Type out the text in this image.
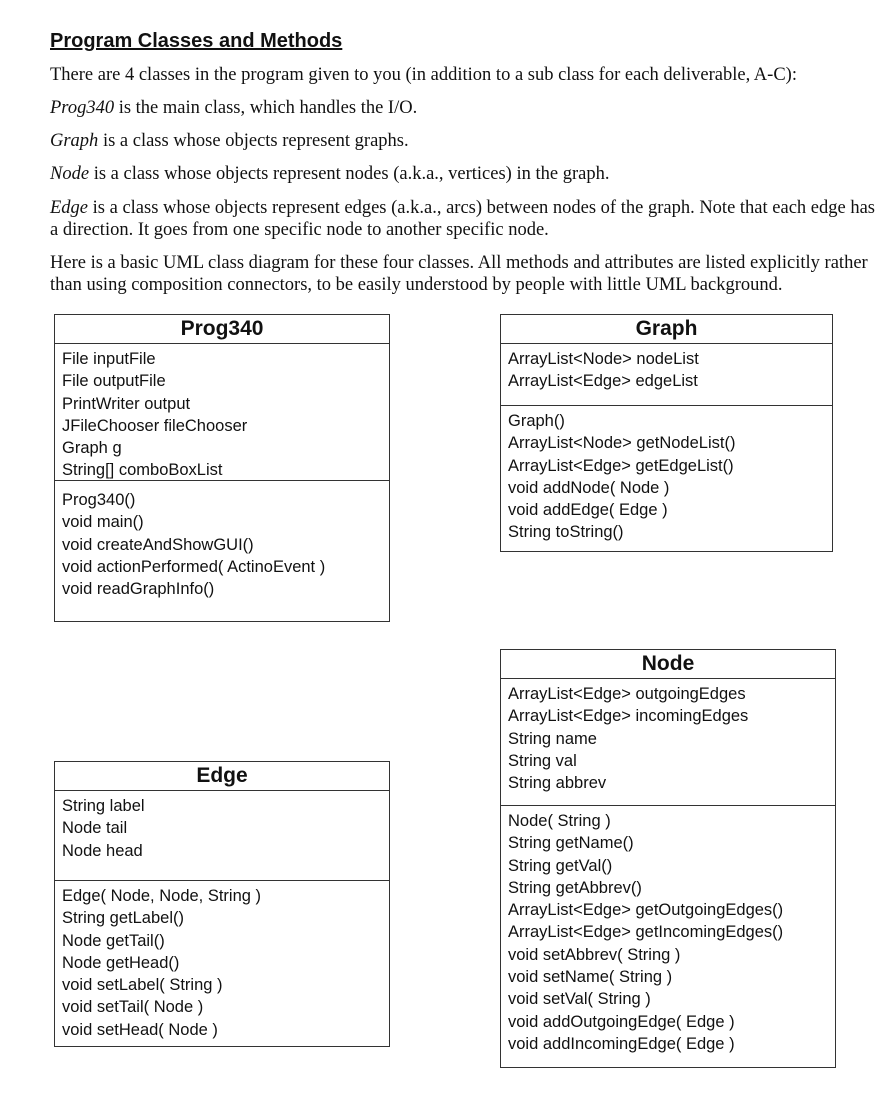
Program Classes and Methods
There are 4 classes in the program given to you (in addition to a sub class for each deliverable, A-C):
Prog340 is the main class, which handles the I/O.
Graph is a class whose objects represent graphs.
Node is a class whose objects represent nodes (a.k.a., vertices) in the graph.
Edge is a class whose objects represent edges (a.k.a., arcs) between nodes of the graph. Note that each edge has a direction. It goes from one specific node to another specific node.
Here is a basic UML class diagram for these four classes. All methods and attributes are listed explicitly rather than using composition connectors, to be easily understood by people with little UML background.
Prog340
File inputFile
File outputFile
PrintWriter output
JFileChooser fileChooser
Graph g
String[] comboBoxList
Prog340()
void main()
void createAndShowGUI()
void actionPerformed( ActinoEvent )
void readGraphInfo()
Graph
ArrayList<Node> nodeList
ArrayList<Edge> edgeList
Graph()
ArrayList<Node> getNodeList()
ArrayList<Edge> getEdgeList()
void addNode( Node )
void addEdge( Edge )
String toString()
Node
ArrayList<Edge> outgoingEdges
ArrayList<Edge> incomingEdges
String name
String val
String abbrev
Node( String )
String getName()
String getVal()
String getAbbrev()
ArrayList<Edge> getOutgoingEdges()
ArrayList<Edge> getIncomingEdges()
void setAbbrev( String )
void setName( String )
void setVal( String )
void addOutgoingEdge( Edge )
void addIncomingEdge( Edge )
Edge
String label
Node tail
Node head
Edge( Node, Node, String )
String getLabel()
Node getTail()
Node getHead()
void setLabel( String )
void setTail( Node )
void setHead( Node )
